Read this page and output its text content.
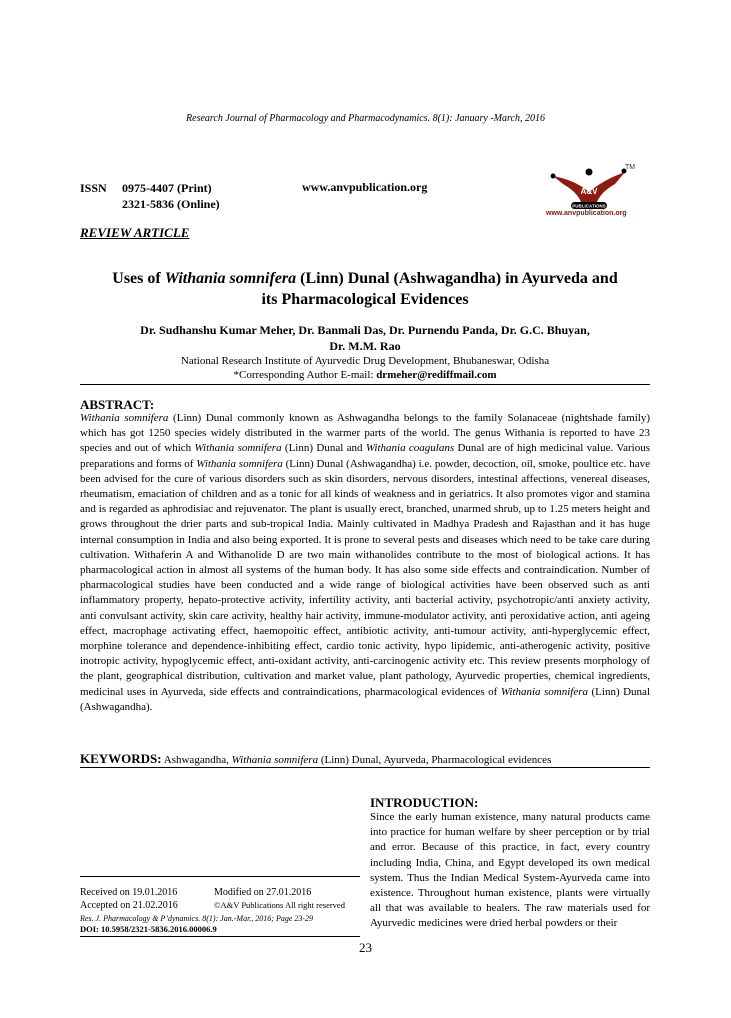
Research Journal of Pharmacology and Pharmacodynamics. 8(1): January -March, 2016
ISSN 0975-4407 (Print)
2321-5836 (Online)
www.anvpublication.org	A&V
PUBLICATIONS
TM
www.anvpublication.org
REVIEW ARTICLE
Uses of Withania somnifera (Linn) Dunal (Ashwagandha) in Ayurveda and
its Pharmacological Evidences
Dr. Sudhanshu Kumar Meher, Dr. Banmali Das, Dr. Purnendu Panda, Dr. G.C. Bhuyan,
Dr. M.M. Rao
National Research Institute of Ayurvedic Drug Development, Bhubaneswar, Odisha
*Corresponding Author E-mail: drmeher@rediffmail.com
ABSTRACT:
Withania somnifera (Linn) Dunal commonly known as Ashwagandha belongs to the family Solanaceae (nightshade family) which has got 1250 species widely distributed in the warmer parts of the world. The genus Withania is reported to have 23 species and out of which Withania somnifera (Linn) Dunal and Withania coagulans Dunal are of high medicinal value. Various preparations and forms of Withania somnifera (Linn) Dunal (Ashwagandha) i.e. powder, decoction, oil, smoke, poultice etc. have been advised for the cure of various disorders such as skin disorders, nervous disorders, intestinal affections, venereal diseases, rheumatism, emaciation of children and as a tonic for all kinds of weakness and in geriatrics. It also promotes vigor and stamina and is regarded as aphrodisiac and rejuvenator. The plant is usually erect, branched, unarmed shrub, up to 1.25 meters height and grows throughout the drier parts and sub-tropical India. Mainly cultivated in Madhya Pradesh and Rajasthan and it has huge internal consumption in India and also being exported. It is prone to several pests and diseases which need to be take care during cultivation. Withaferin A and Withanolide D are two main withanolides contribute to the most of biological actions. It has pharmacological action in almost all systems of the human body. It has also some side effects and contraindication. Number of pharmacological studies have been conducted and a wide range of biological activities have been observed such as anti inflammatory property, hepato-protective activity, infertility activity, anti bacterial activity, psychotropic/anti anxiety activity, anti convulsant activity, skin care activity, healthy hair activity, immune-modulator activity, anti peroxidative action, anti ageing effect, macrophage activating effect, haemopoitic effect, antibiotic activity, anti-tumour activity, anti-hyperglycemic effect, morphine tolerance and dependence-inhibiting effect, cardio tonic activity, hypo lipidemic, anti-atherogenic activity, positive inotropic activity, hypoglycemic effect, anti-oxidant activity, anti-carcinogenic activity etc. This review presents morphology of the plant, geographical distribution, cultivation and market value, plant pathology, Ayurvedic properties, chemical ingredients, medicinal uses in Ayurveda, side effects and contraindications, pharmacological evidences of Withania somnifera (Linn) Dunal (Ashwagandha).
KEYWORDS: Ashwagandha, Withania somnifera (Linn) Dunal, Ayurveda, Pharmacological evidences
INTRODUCTION:
Since the early human existence, many natural products came into practice for human welfare by sheer perception or by trial and error. Because of this practice, in fact, every country including India, China, and Egypt developed its own medical system. Thus the Indian Medical System-Ayurveda came into existence. Throughout human existence, plants were virtually all that was available to healers. The raw materials used for Ayurvedic medicines were dried herbal powders or their
Received on 19.01.2016	Modified on 27.01.2016
Accepted on 21.02.2016	©A&V Publications All right reserved
Res. J. Pharmacology & P’dynamics. 8(1): Jan.-Mar., 2016; Page 23-29
DOI: 10.5958/2321-5836.2016.00006.9
23
